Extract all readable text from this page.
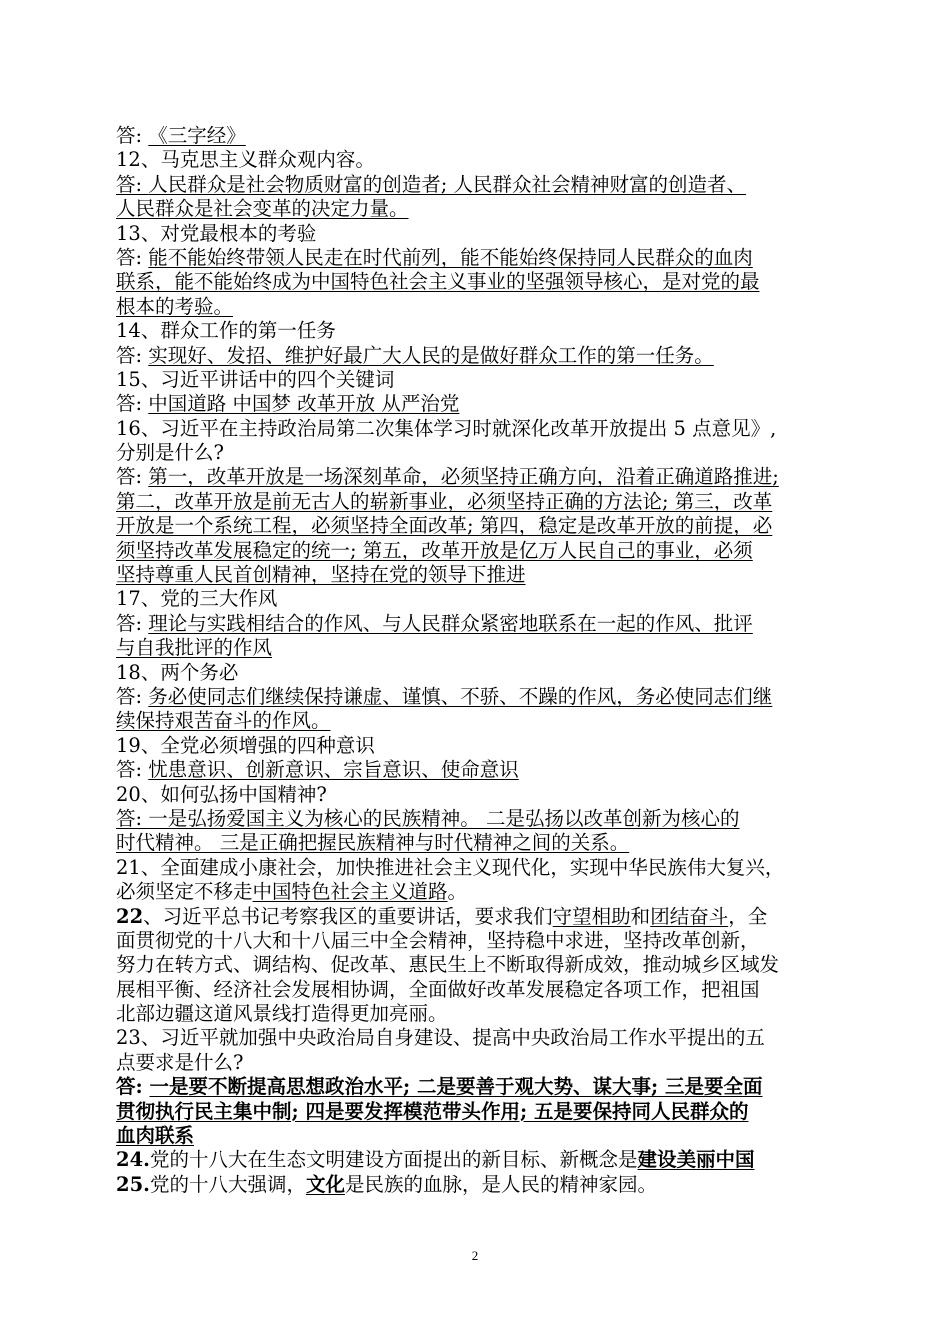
答: 《三字经》
12、马克思主义群众观内容。
答: 人民群众是社会物质财富的创造者; 人民群众社会精神财富的创造者、
人民群众是社会变革的决定力量。
13、对党最根本的考验
答: 能不能始终带领人民走在时代前列，能不能始终保持同人民群众的血肉
联系，能不能始终成为中国特色社会主义事业的坚强领导核心，是对党的最
根本的考验。
14、群众工作的第一任务
答: 实现好、发招、维护好最广大人民的是做好群众工作的第一任务。
15、习近平讲话中的四个关键词
答: 中国道路 中国梦 改革开放 从严治党
16、习近平在主持政治局第二次集体学习时就深化改革开放提出 5 点意见》,
分别是什么?
答: 第一，改革开放是一场深刻革命，必须坚持正确方向，沿着正确道路推进;
第二，改革开放是前无古人的崭新事业，必须坚持正确的方法论; 第三，改革
开放是一个系统工程，必须坚持全面改革; 第四，稳定是改革开放的前提，必
须坚持改革发展稳定的统一; 第五，改革开放是亿万人民自己的事业，必须
坚持尊重人民首创精神，坚持在党的领导下推进
17、党的三大作风
答: 理论与实践相结合的作风、与人民群众紧密地联系在一起的作风、批评
与自我批评的作风
18、两个务必
答: 务必使同志们继续保持谦虚、谨慎、不骄、不躁的作风，务必使同志们继
续保持艰苦奋斗的作风。
19、全党必须增强的四种意识
答: 忧患意识、创新意识、宗旨意识、使命意识
20、如何弘扬中国精神?
答: 一是弘扬爱国主义为核心的民族精神。 二是弘扬以改革创新为核心的
时代精神。 三是正确把握民族精神与时代精神之间的关系。
21、全面建成小康社会，加快推进社会主义现代化，实现中华民族伟大复兴，
必须坚定不移走中国特色社会主义道路。
22、习近平总书记考察我区的重要讲话，要求我们守望相助和团结奋斗，全
面贯彻党的十八大和十八届三中全会精神，坚持稳中求进，坚持改革创新，
努力在转方式、调结构、促改革、惠民生上不断取得新成效，推动城乡区域发
展相平衡、经济社会发展相协调，全面做好改革发展稳定各项工作，把祖国
北部边疆这道风景线打造得更加亮丽。
23、习近平就加强中央政治局自身建设、提高中央政治局工作水平提出的五
点要求是什么?
答: 一是要不断提高思想政治水平; 二是要善于观大势、谋大事; 三是要全面
贯彻执行民主集中制; 四是要发挥模范带头作用; 五是要保持同人民群众的
血肉联系
24.党的十八大在生态文明建设方面提出的新目标、新概念是建设美丽中国
25.党的十八大强调，文化是民族的血脉，是人民的精神家园。
2
